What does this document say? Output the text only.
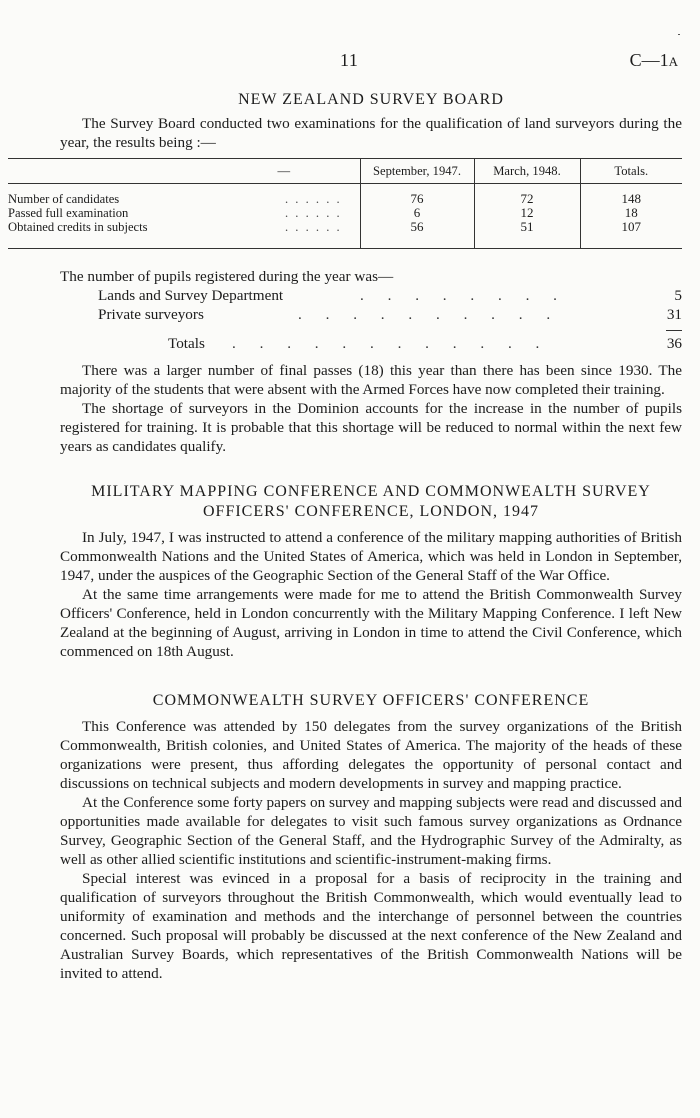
11	C—1A
NEW ZEALAND SURVEY BOARD

The Survey Board conducted two examinations for the qualification of land surveyors during the year, the results being :—

—	September, 1947.	March, 1948.	Totals.

Number of candidates . . . . . .	76	72	148
Passed full examination . . . . . .	6	12	18
Obtained credits in subjects . . . . . .	56	51	107
The number of pupils registered during the year was—
Lands and Survey Department	. . . . . . . .	5
Private surveyors	. . . . . . . . . .	31
Totals . . . . . . . . . . . .	36

There was a larger number of final passes (18) this year than there has been since 1930. The majority of the students that were absent with the Armed Forces have now completed their training.

The shortage of surveyors in the Dominion accounts for the increase in the number of pupils registered for training. It is probable that this shortage will be reduced to normal within the next few years as candidates qualify.

MILITARY MAPPING CONFERENCE AND COMMONWEALTH SURVEY
OFFICERS' CONFERENCE, LONDON, 1947

In July, 1947, I was instructed to attend a conference of the military mapping authorities of British Commonwealth Nations and the United States of America, which was held in London in September, 1947, under the auspices of the Geographic Section of the General Staff of the War Office.

At the same time arrangements were made for me to attend the British Commonwealth Survey Officers' Conference, held in London concurrently with the Military Mapping Conference. I left New Zealand at the beginning of August, arriving in London in time to attend the Civil Conference, which commenced on 18th August.

COMMONWEALTH SURVEY OFFICERS' CONFERENCE

This Conference was attended by 150 delegates from the survey organizations of the British Commonwealth, British colonies, and United States of America. The majority of the heads of these organizations were present, thus affording delegates the opportunity of personal contact and discussions on technical subjects and modern developments in survey and mapping practice.

At the Conference some forty papers on survey and mapping subjects were read and discussed and opportunities made available for delegates to visit such famous survey organizations as Ordnance Survey, Geographic Section of the General Staff, and the Hydrographic Survey of the Admiralty, as well as other allied scientific institutions and scientific-instrument-making firms.

Special interest was evinced in a proposal for a basis of reciprocity in the training and qualification of surveyors throughout the British Commonwealth, which would eventually lead to uniformity of examination and methods and the interchange of personnel between the countries concerned. Such proposal will probably be discussed at the next conference of the New Zealand and Australian Survey Boards, which representatives of the British Commonwealth Nations will be invited to attend.
